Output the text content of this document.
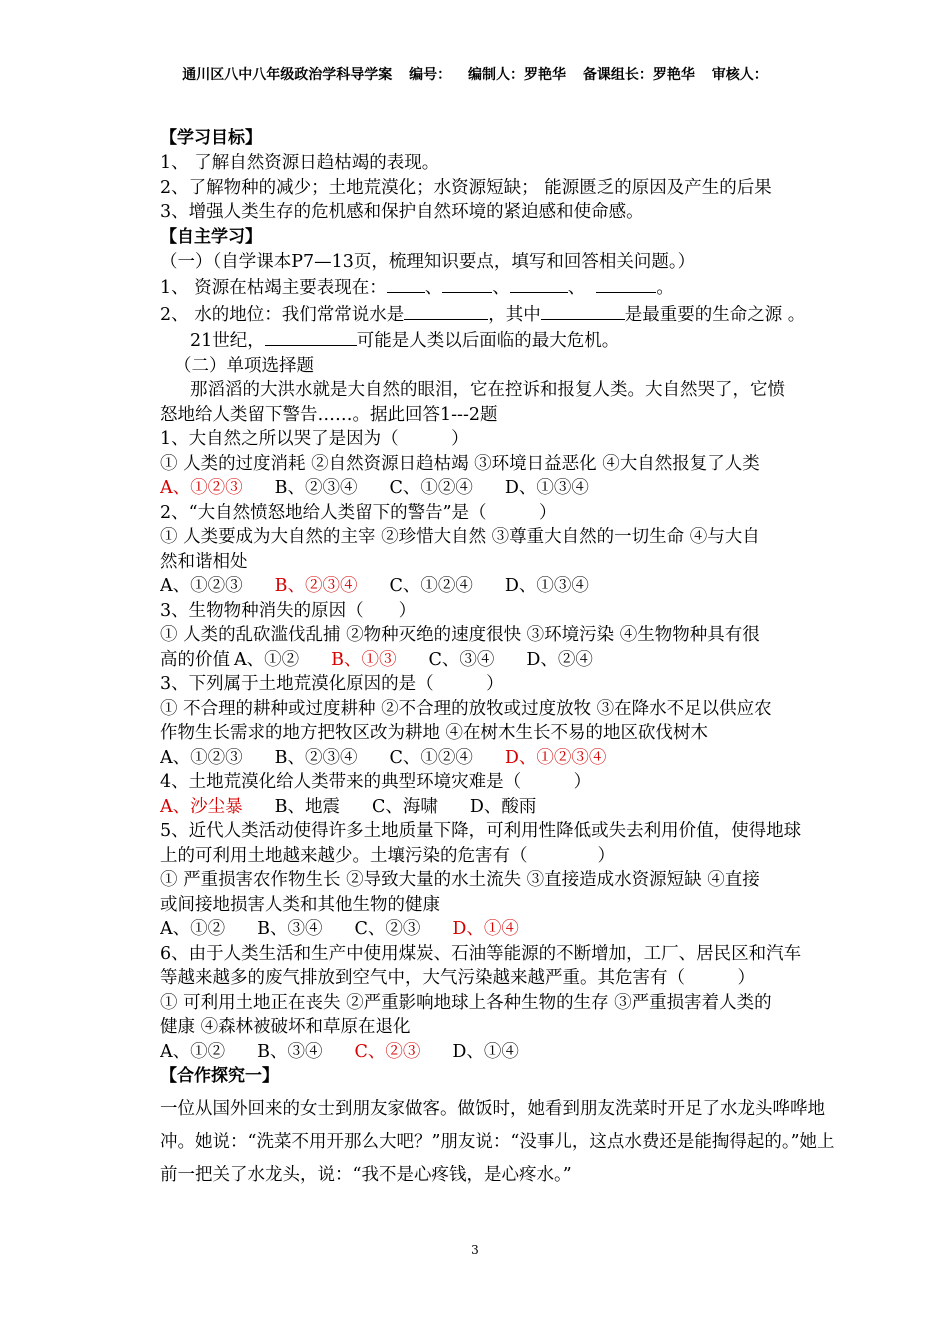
通川区八中八年级政治学科导学案 编号： 编制人：罗艳华 备课组长：罗艳华 审核人：
【学习目标】
1、 了解自然资源日趋枯竭的表现。
2、了解物种的减少；土地荒漠化；水资源短缺； 能源匮乏的原因及产生的后果
3、增强人类生存的危机感和保护自然环境的紧迫感和使命感。
【自主学习】
（一）（自学课本P7—13页，梳理知识要点，填写和回答相关问题。）
1、 资源在枯竭主要表现在： 、	、	、	。
2、 水的地位：我们常常说水是	，其中	是最重要的生命之源 。
21世纪，	可能是人类以后面临的最大危机。
（二）单项选择题
那滔滔的大洪水就是大自然的眼泪，它在控诉和报复人类。大自然哭了，它愤
怒地给人类留下警告……。据此回答1---2题
1、大自然之所以哭了是因为（　　　）
① 人类的过度消耗 ②自然资源日趋枯竭 ③环境日益恶化 ④大自然报复了人类
A、①②③ B、②③④ C、①②④ D、①③④
2、“大自然愤怒地给人类留下的警告”是（　　　）
① 人类要成为大自然的主宰 ②珍惜大自然 ③尊重大自然的一切生命 ④与大自
然和谐相处
A、①②③ B、②③④ C、①②④ D、①③④
3、生物物种消失的原因（　　）
① 人类的乱砍滥伐乱捕 ②物种灭绝的速度很快 ③环境污染 ④生物物种具有很
高的价值 A、①② B、①③ C、③④ D、②④
3、下列属于土地荒漠化原因的是（　　　）
① 不合理的耕种或过度耕种 ②不合理的放牧或过度放牧 ③在降水不足以供应农
作物生长需求的地方把牧区改为耕地 ④在树木生长不易的地区砍伐树木
A、①②③ B、②③④ C、①②④ D、①②③④
4、土地荒漠化给人类带来的典型环境灾难是（　　　）
A、沙尘暴 B、地震 C、海啸 D、酸雨
5、近代人类活动使得许多土地质量下降，可利用性降低或失去利用价值，使得地球
上的可利用土地越来越少。土壤污染的危害有（　　　　）
① 严重损害农作物生长 ②导致大量的水土流失 ③直接造成水资源短缺 ④直接
或间接地损害人类和其他生物的健康
A、①② B、③④ C、②③ D、①④
6、由于人类生活和生产中使用煤炭、石油等能源的不断增加，工厂、居民区和汽车
等越来越多的废气排放到空气中，大气污染越来越严重。其危害有（　　　）
① 可利用土地正在丧失 ②严重影响地球上各种生物的生存 ③严重损害着人类的
健康 ④森林被破坏和草原在退化
A、①② B、③④ C、②③ D、①④
【合作探究一】
一位从国外回来的女士到朋友家做客。做饭时，她看到朋友洗菜时开足了水龙头哗哗地冲。她说：“洗菜不用开那么大吧？”朋友说：“没事儿，这点水费还是能掏得起的。”她上前一把关了水龙头，说：“我不是心疼钱，是心疼水。”
3
